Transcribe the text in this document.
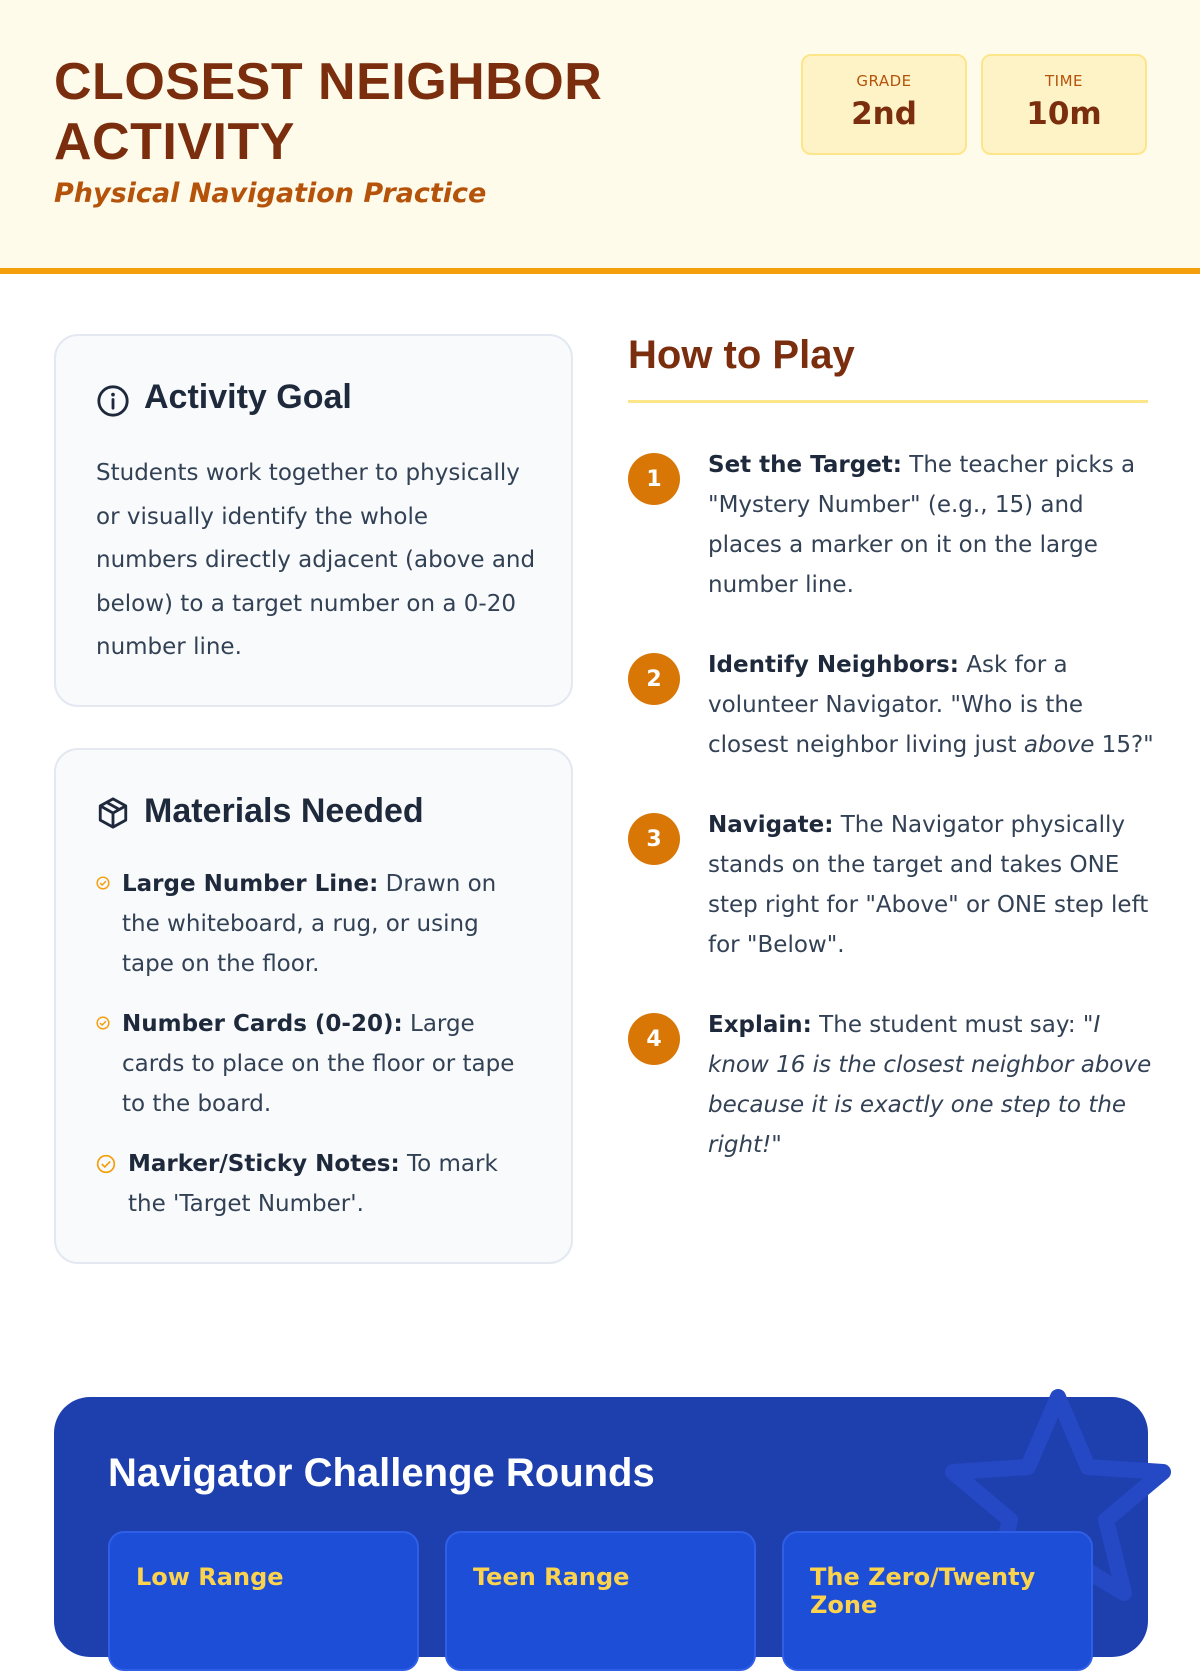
CLOSEST NEIGHBOR
ACTIVITY
Physical Navigation Practice
GRADE
2nd
TIME
10m
Activity Goal
Students work together to physically or visually identify the whole numbers directly adjacent (above and below) to a target number on a 0-20 number line.
Materials Needed
Large Number Line: Drawn on the whiteboard, a rug, or using tape on the floor.
Number Cards (0-20): Large cards to place on the floor or tape to the board.
Marker/Sticky Notes: To mark the 'Target Number'.
How to Play
1
Set the Target: The teacher picks a "Mystery Number" (e.g., 15) and places a marker on it on the large number line.
2
Identify Neighbors: Ask for a volunteer Navigator. "Who is the closest neighbor living just above 15?"
3
Navigate: The Navigator physically stands on the target and takes ONE step right for "Above" or ONE step left for "Below".
4
Explain: The student must say: "I know 16 is the closest neighbor above because it is exactly one step to the right!"
Navigator Challenge Rounds
Low Range	Teen Range	The Zero/Twenty Zone
